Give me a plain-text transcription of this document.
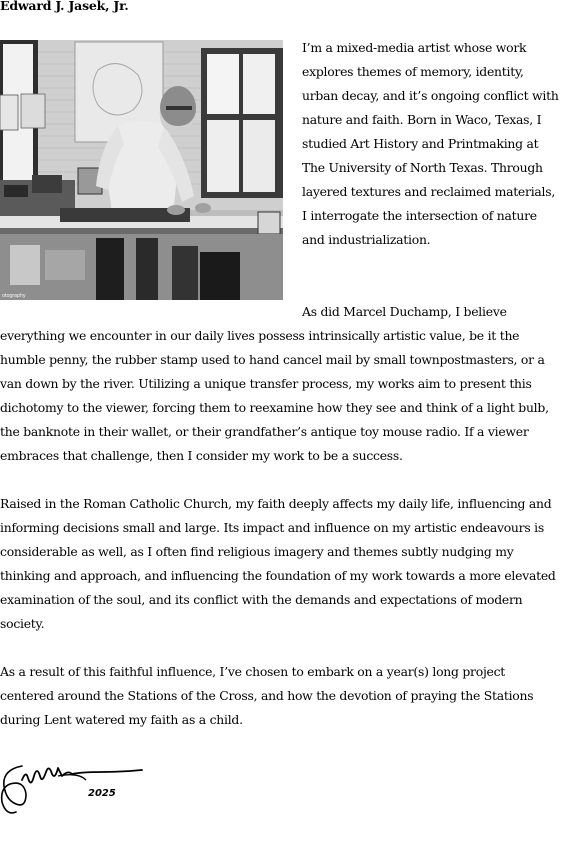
Edward J. Jasek, Jr.
otography

I’m a mixed-media artist whose work explores themes of memory, identity, urban decay, and it’s ongoing conflict with nature and faith. Born in Waco, Texas, I studied Art History and Printmaking at The University of North Texas. Through layered textures and reclaimed materials, I interrogate the intersection of nature and industrialization.

As did Marcel Duchamp, I believe everything we encounter in our daily lives possess intrinsically artistic value, be it the humble penny, the rubber stamp used to hand cancel mail by small townpostmasters, or a van down by the river. Utilizing a unique transfer process, my works aim to present this dichotomy to the viewer, forcing them to reexamine how they see and think of a light bulb, the banknote in their wallet, or their grandfather’s antique toy mouse radio. If a viewer embraces that challenge, then I consider my work to be a success.

Raised in the Roman Catholic Church, my faith deeply affects my daily life, influencing and informing decisions small and large. Its impact and influence on my artistic endeavours is considerable as well, as I often find religious imagery and themes subtly nudging my thinking and approach, and influencing the foundation of my work towards a more elevated examination of the soul, and its conflict with the demands and expectations of modern society.

As a result of this faithful influence, I’ve chosen to embark on a year(s) long project centered around the Stations of the Cross, and how the devotion of praying the Stations during Lent watered my faith as a child.

2025
